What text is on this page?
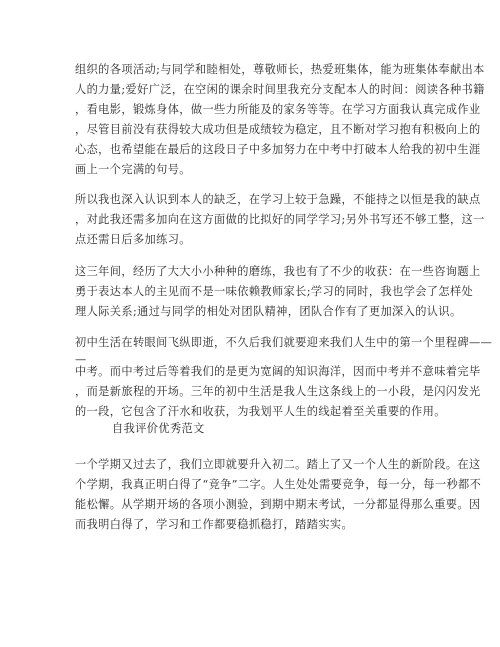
组织的各项活动;与同学和睦相处，尊敬师长，热爱班集体，能为班集体奉献出本
人的力量;爱好广泛，在空闲的课余时间里我充分支配本人的时间：阅读各种书籍
，看电影，锻炼身体，做一些力所能及的家务等等。在学习方面我认真完成作业
，尽管目前没有获得较大成功但是成绩较为稳定，且不断对学习抱有积极向上的
心态，也希望能在最后的这段日子中多加努力在中考中打破本人给我的初中生涯
画上一个完满的句号。
所以我也深入认识到本人的缺乏，在学习上较于急躁，不能持之以恒是我的缺点
，对此我还需多加向在这方面做的比拟好的同学学习;另外书写还不够工整，这一
点还需日后多加练习。
这三年间，经历了大大小小种种的磨练，我也有了不少的收获：在一些咨询题上
勇于表达本人的主见而不是一味依赖教师家长;学习的同时，我也学会了怎样处
理人际关系;通过与同学的相处对团队精神，团队合作有了更加深入的认识。
初中生活在转眼间飞纵即逝，不久后我们就要迎来我们人生中的第一个里程碑——
—
中考。而中考过后等着我们的是更为宽阔的知识海洋，因而中考并不意味着完毕
，而是新旅程的开场。三年的初中生活是我人生这条线上的一小段，是闪闪发光
的一段，它包含了汗水和收获，为我划平人生的线起着至关重要的作用。
自我评价优秀范文
一个学期又过去了，我们立即就要升入初二。踏上了又一个人生的新阶段。在这
个学期，我真正明白得了“竞争”二字。人生处处需要竞争，每一分，每一秒都不
能松懈。从学期开场的各项小测验，到期中期末考试，一分都显得那么重要。因
而我明白得了，学习和工作都要稳抓稳打，踏踏实实。
